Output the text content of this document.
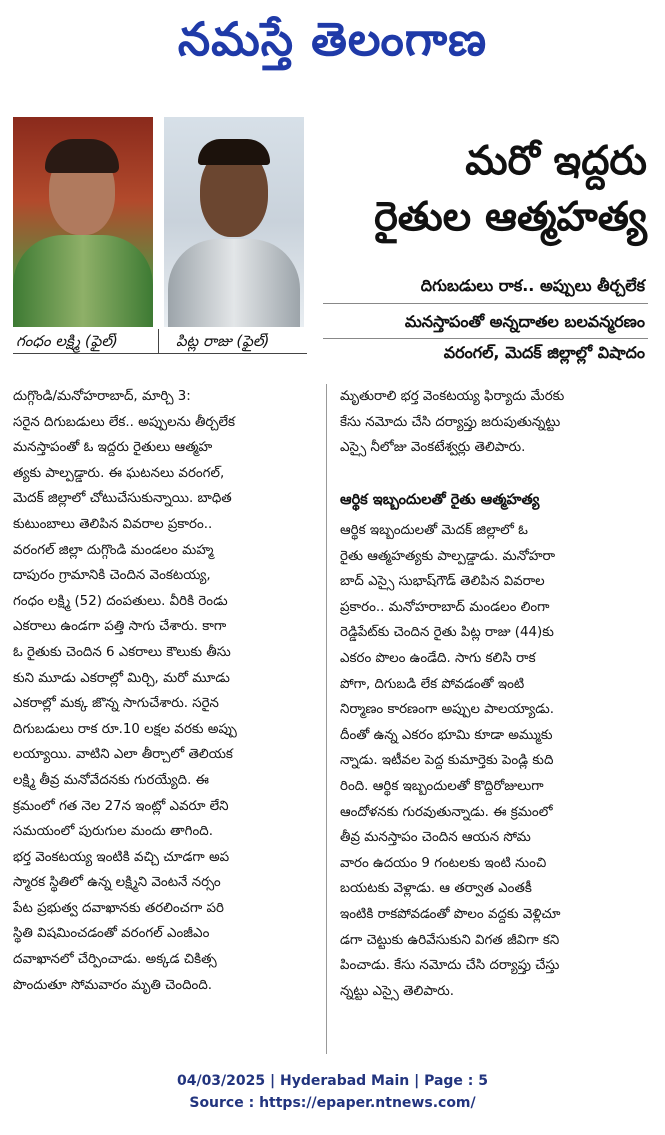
నమస్తే తెలంగాణ
గంధం లక్ష్మి (ఫైల్)	పిట్ల రాజు (ఫైల్)
మరో ఇద్దరు
రైతుల ఆత్మహత్య
దిగుబడులు రాక.. అప్పులు తీర్చలేక
మనస్తాపంతో అన్నదాతల బలవన్మరణం
వరంగల్, మెదక్ జిల్లాల్లో విషాదం
దుగ్గొండి/మనోహరాబాద్, మార్చి 3:
సరైన దిగుబడులు లేక.. అప్పులను తీర్చలేక
మనస్తాపంతో ఓ ఇద్దరు రైతులు ఆత్మహ
త్యకు పాల్పడ్డారు. ఈ ఘటనలు వరంగల్,
మెదక్ జిల్లాలో చోటుచేసుకున్నాయి. బాధిత
కుటుంబాలు తెలిపిన వివరాల ప్రకారం..
వరంగల్ జిల్లా దుగ్గొండి మండలం మహ్మ
దాపురం గ్రామానికి చెందిన వెంకటయ్య,
గంధం లక్ష్మి (52) దంపతులు. వీరికి రెండు
ఎకరాలు ఉండగా పత్తి సాగు చేశారు. కాగా
ఓ రైతుకు చెందిన 6 ఎకరాలు కౌలుకు తీసు
కుని మూడు ఎకరాల్లో మిర్చి, మరో మూడు
ఎకరాల్లో మక్క జొన్న సాగుచేశారు. సరైన
దిగుబడులు రాక రూ.10 లక్షల వరకు అప్పు
లయ్యాయి. వాటిని ఎలా తీర్చాలో తెలియక
లక్ష్మి తీవ్ర మనోవేదనకు గురయ్యేది. ఈ
క్రమంలో గత నెల 27న ఇంట్లో ఎవరూ లేని
సమయంలో పురుగుల మందు తాగింది.
భర్త వెంకటయ్య ఇంటికి వచ్చి చూడగా అప
స్మారక స్థితిలో ఉన్న లక్ష్మిని వెంటనే నర్సం
పేట ప్రభుత్వ దవాఖానకు తరలించగా పరి
స్థితి విషమించడంతో వరంగల్ ఎంజీఎం
దవాఖానలో చేర్పించాడు. అక్కడ చికిత్స
పొందుతూ సోమవారం మృతి చెందింది.
మృతురాలి భర్త వెంకటయ్య ఫిర్యాదు మేరకు
కేసు నమోదు చేసి దర్యాప్తు జరుపుతున్నట్టు
ఎస్సై నీలోజు వెంకటేశ్వర్లు తెలిపారు.
ఆర్థిక ఇబ్బందులతో రైతు ఆత్మహత్య
ఆర్థిక ఇబ్బందులతో మెదక్ జిల్లాలో ఓ
రైతు ఆత్మహత్యకు పాల్పడ్డాడు. మనోహరా
బాద్ ఎస్సై సుభాష్‌గౌడ్ తెలిపిన వివరాల
ప్రకారం.. మనోహరాబాద్ మండలం లింగా
రెడ్డిపేట్‌కు చెందిన రైతు పిట్ల రాజు (44)కు
ఎకరం పొలం ఉండేది. సాగు కలిసి రాక
పోగా, దిగుబడి లేక పోవడంతో ఇంటి
నిర్మాణం కారణంగా అప్పుల పాలయ్యాడు.
దీంతో ఉన్న ఎకరం భూమి కూడా అమ్ముకు
న్నాడు. ఇటీవల పెద్ద కుమార్తెకు పెండ్లి కుది
రింది. ఆర్థిక ఇబ్బందులతో కొద్దిరోజులుగా
ఆందోళనకు గురవుతున్నాడు. ఈ క్రమంలో
తీవ్ర మనస్తాపం చెందిన ఆయన సోమ
వారం ఉదయం 9 గంటలకు ఇంటి నుంచి
బయటకు వెళ్లాడు. ఆ తర్వాత ఎంతకీ
ఇంటికి రాకపోవడంతో పొలం వద్దకు వెళ్లిచూ
డగా చెట్టుకు ఉరివేసుకుని విగత జీవిగా కని
పించాడు. కేసు నమోదు చేసి దర్యాప్తు చేస్తు
న్నట్టు ఎస్సై తెలిపారు.
04/03/2025 | Hyderabad Main | Page : 5
Source : https://epaper.ntnews.com/
